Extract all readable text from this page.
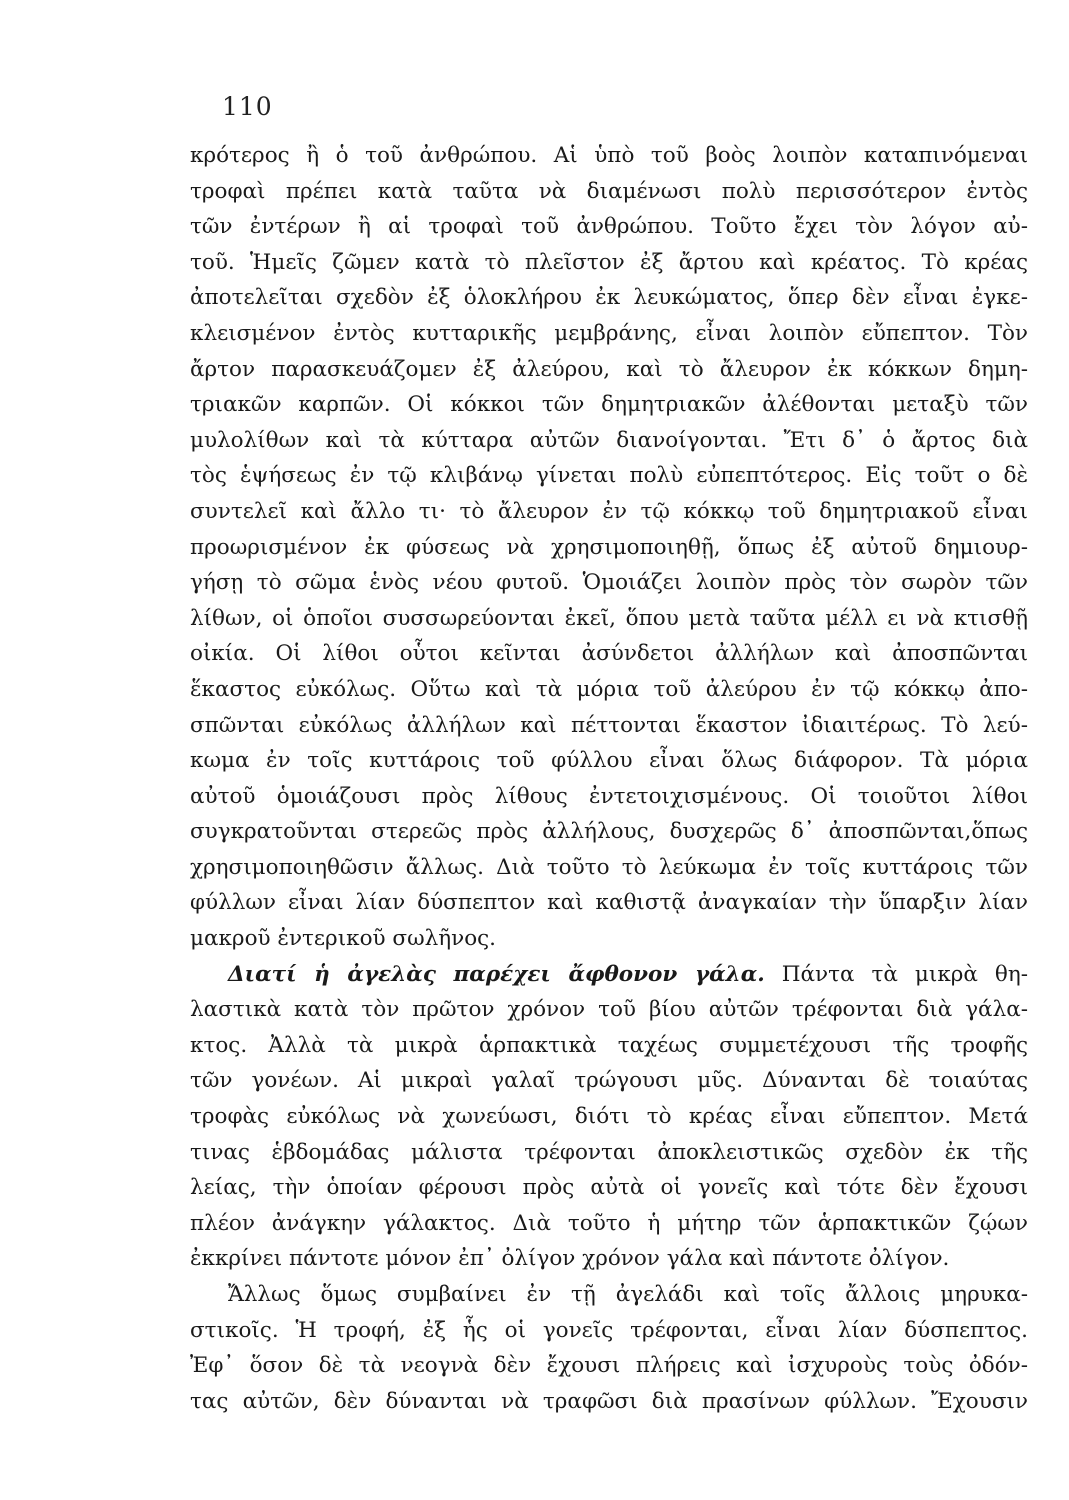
110
κρότερος ἢ ὁ τοῦ ἀνθρώπου. Αἱ ὑπὸ τοῦ βοὸς λοιπὸν καταπινόμεναι
τροφαὶ πρέπει κατὰ ταῦτα νὰ διαμένωσι πολὺ περισσότερον ἐντὸς
τῶν ἐντέρων ἢ αἱ τροφαὶ τοῦ ἀνθρώπου. Τοῦτο ἔχει τὸν λόγον αὐ-
τοῦ. Ἡμεῖς ζῶμεν κατὰ τὸ πλεῖστον ἐξ ἄρτου καὶ κρέατος. Τὸ κρέας
ἀποτελεῖται σχεδὸν ἐξ ὁλοκλήρου ἐκ λευκώματος, ὅπερ δὲν εἶναι ἐγκε-
κλεισμένον ἐντὸς κυτταρικῆς μεμβράνης, εἶναι λοιπὸν εὔπεπτον. Τὸν
ἄρτον παρασκευάζομεν ἐξ ἀλεύρου, καὶ τὸ ἄλευρον ἐκ κόκκων δημη-
τριακῶν καρπῶν. Οἱ κόκκοι τῶν δημητριακῶν ἀλέθονται μεταξὺ τῶν
μυλολίθων καὶ τὰ κύτταρα αὐτῶν διανοίγονται. Ἔτι δ᾽ ὁ ἄρτος διὰ
τὸς ἑψήσεως ἐν τῷ κλιβάνῳ γίνεται πολὺ εὐπεπτότερος. Εἰς τοῦτ ο δὲ
συντελεῖ καὶ ἄλλο τι· τὸ ἄλευρον ἐν τῷ κόκκῳ τοῦ δημητριακοῦ εἶναι
προωρισμένον ἐκ φύσεως νὰ χρησιμοποιηθῇ, ὅπως ἐξ αὐτοῦ δημιουρ-
γήσῃ τὸ σῶμα ἑνὸς νέου φυτοῦ. Ὁμοιάζει λοιπὸν πρὸς τὸν σωρὸν τῶν
λίθων, οἱ ὁποῖοι συσσωρεύονται ἐκεῖ, ὅπου μετὰ ταῦτα μέλλ ει νὰ κτισθῇ
οἰκία. Οἱ λίθοι οὗτοι κεῖνται ἀσύνδετοι ἀλλήλων καὶ ἀποσπῶνται
ἕκαστος εὐκόλως. Οὕτω καὶ τὰ μόρια τοῦ ἀλεύρου ἐν τῷ κόκκῳ ἀπο-
σπῶνται εὐκόλως ἀλλήλων καὶ πέττονται ἕκαστον ἰδιαιτέρως. Τὸ λεύ-
κωμα ἐν τοῖς κυττάροις τοῦ φύλλου εἶναι ὅλως διάφορον. Τὰ μόρια
αὐτοῦ ὁμοιάζουσι πρὸς λίθους ἐντετοιχισμένους. Οἱ τοιοῦτοι λίθοι
συγκρατοῦνται στερεῶς πρὸς ἀλλήλους, δυσχερῶς δ᾽ ἀποσπῶνται,ὅπως
χρησιμοποιηθῶσιν ἄλλως. Διὰ τοῦτο τὸ λεύκωμα ἐν τοῖς κυττάροις τῶν
φύλλων εἶναι λίαν δύσπεπτον καὶ καθιστᾷ ἀναγκαίαν τὴν ὕπαρξιν λίαν
μακροῦ ἐντερικοῦ σωλῆνος.
Διατί ἡ ἀγελὰς παρέχει ἄφθονον γάλα. Πάντα τὰ μικρὰ θη-
λαστικὰ κατὰ τὸν πρῶτον χρόνον τοῦ βίου αὐτῶν τρέφονται διὰ γάλα-
κτος. Ἀλλὰ τὰ μικρὰ ἁρπακτικὰ ταχέως συμμετέχουσι τῆς τροφῆς
τῶν γονέων. Αἱ μικραὶ γαλαῖ τρώγουσι μῦς. Δύνανται δὲ τοιαύτας
τροφὰς εὐκόλως νὰ χωνεύωσι, διότι τὸ κρέας εἶναι εὔπεπτον. Μετά
τινας ἑβδομάδας μάλιστα τρέφονται ἀποκλειστικῶς σχεδὸν ἐκ τῆς
λείας, τὴν ὁποίαν φέρουσι πρὸς αὐτὰ οἱ γονεῖς καὶ τότε δὲν ἔχουσι
πλέον ἀνάγκην γάλακτος. Διὰ τοῦτο ἡ μήτηρ τῶν ἁρπακτικῶν ζῴων
ἐκκρίνει πάντοτε μόνον ἐπ᾽ ὀλίγον χρόνον γάλα καὶ πάντοτε ὀλίγον.
Ἄλλως ὅμως συμβαίνει ἐν τῇ ἀγελάδι καὶ τοῖς ἄλλοις μηρυκα-
στικοῖς. Ἡ τροφή, ἐξ ἧς οἱ γονεῖς τρέφονται, εἶναι λίαν δύσπεπτος.
Ἐφ᾽ ὅσον δὲ τὰ νεογνὰ δὲν ἔχουσι πλήρεις καὶ ἰσχυροὺς τοὺς ὀδόν-
τας αὐτῶν, δὲν δύνανται νὰ τραφῶσι διὰ πρασίνων φύλλων. Ἔχουσιν
